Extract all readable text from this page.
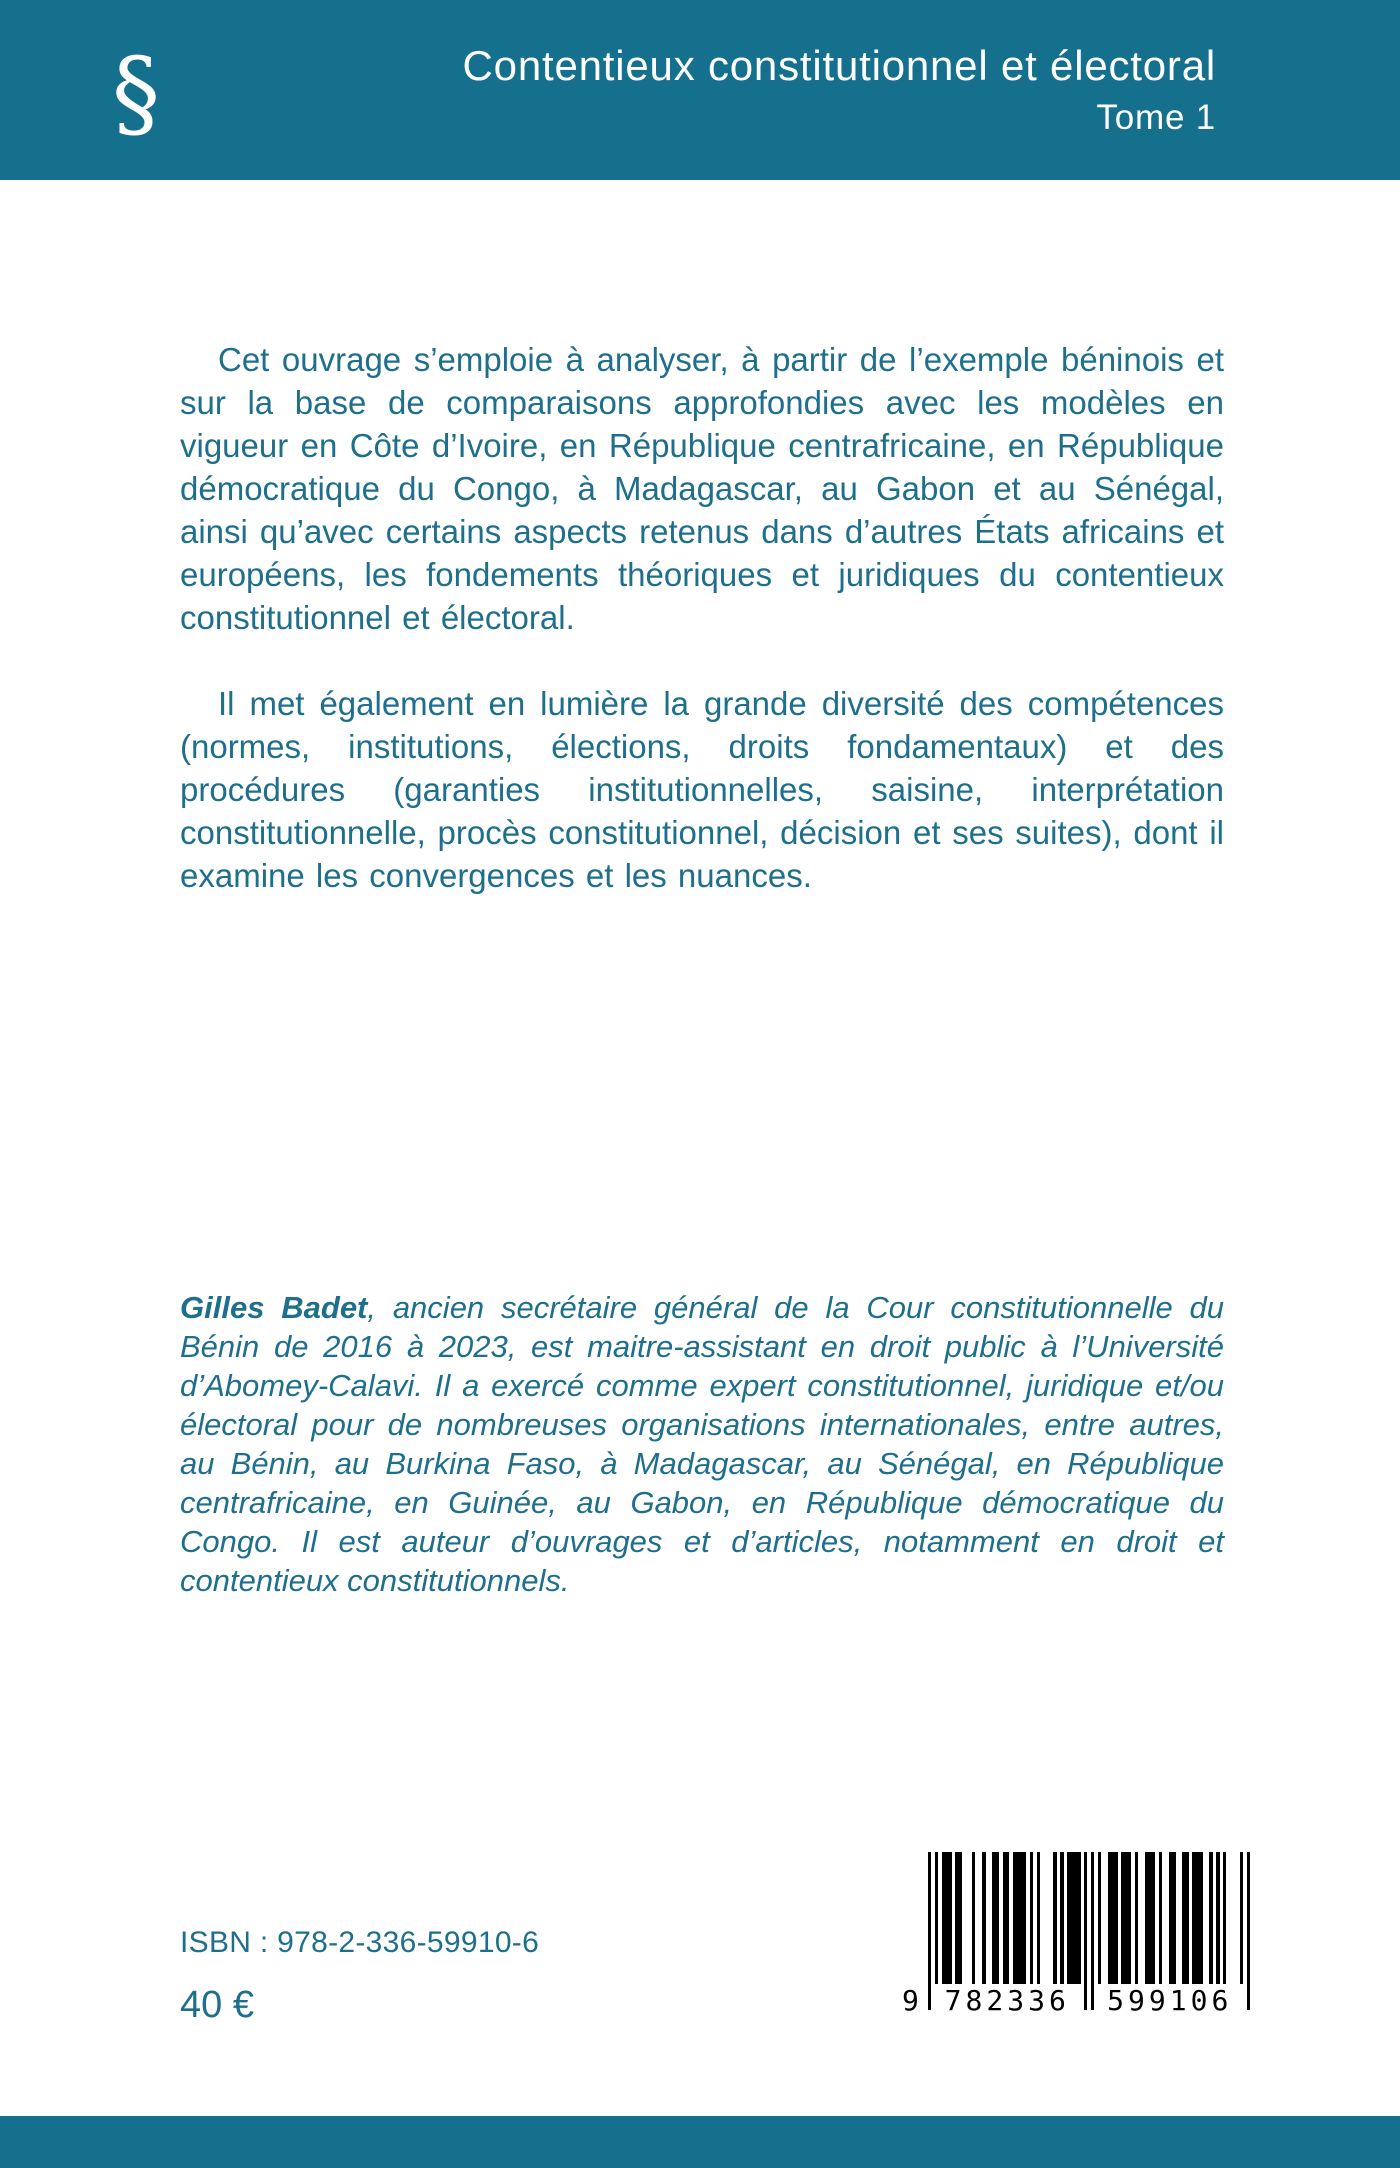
§	Contentieux constitutionnel et électoral
Tome 1

Cet ouvrage s’emploie à analyser, à partir de l’exemple béninois et sur la base de comparaisons approfondies avec les modèles en vigueur en Côte d’Ivoire, en République centrafricaine, en République démocratique du Congo, à Madagascar, au Gabon et au Sénégal, ainsi qu’avec certains aspects retenus dans d’autres États africains et européens, les fondements théoriques et juridiques du contentieux constitutionnel et électoral.

Il met également en lumière la grande diversité des compétences (normes, institutions, élections, droits fondamentaux) et des procédures (garanties institutionnelles, saisine, interprétation constitutionnelle, procès constitutionnel, décision et ses suites), dont il examine les convergences et les nuances.

Gilles Badet, ancien secrétaire général de la Cour constitutionnelle du Bénin de 2016 à 2023, est maitre-assistant en droit public à l’Université d’Abomey-Calavi. Il a exercé comme expert constitutionnel, juridique et/ou électoral pour de nombreuses organisations internationales, entre autres, au Bénin, au Burkina Faso, à Madagascar, au Sénégal, en République centrafricaine, en Guinée, au Gabon, en République démocratique du Congo. Il est auteur d’ouvrages et d’articles, notamment en droit et contentieux constitutionnels.

ISBN : 978-2-336-59910-6
40 €	9 782336	599106
